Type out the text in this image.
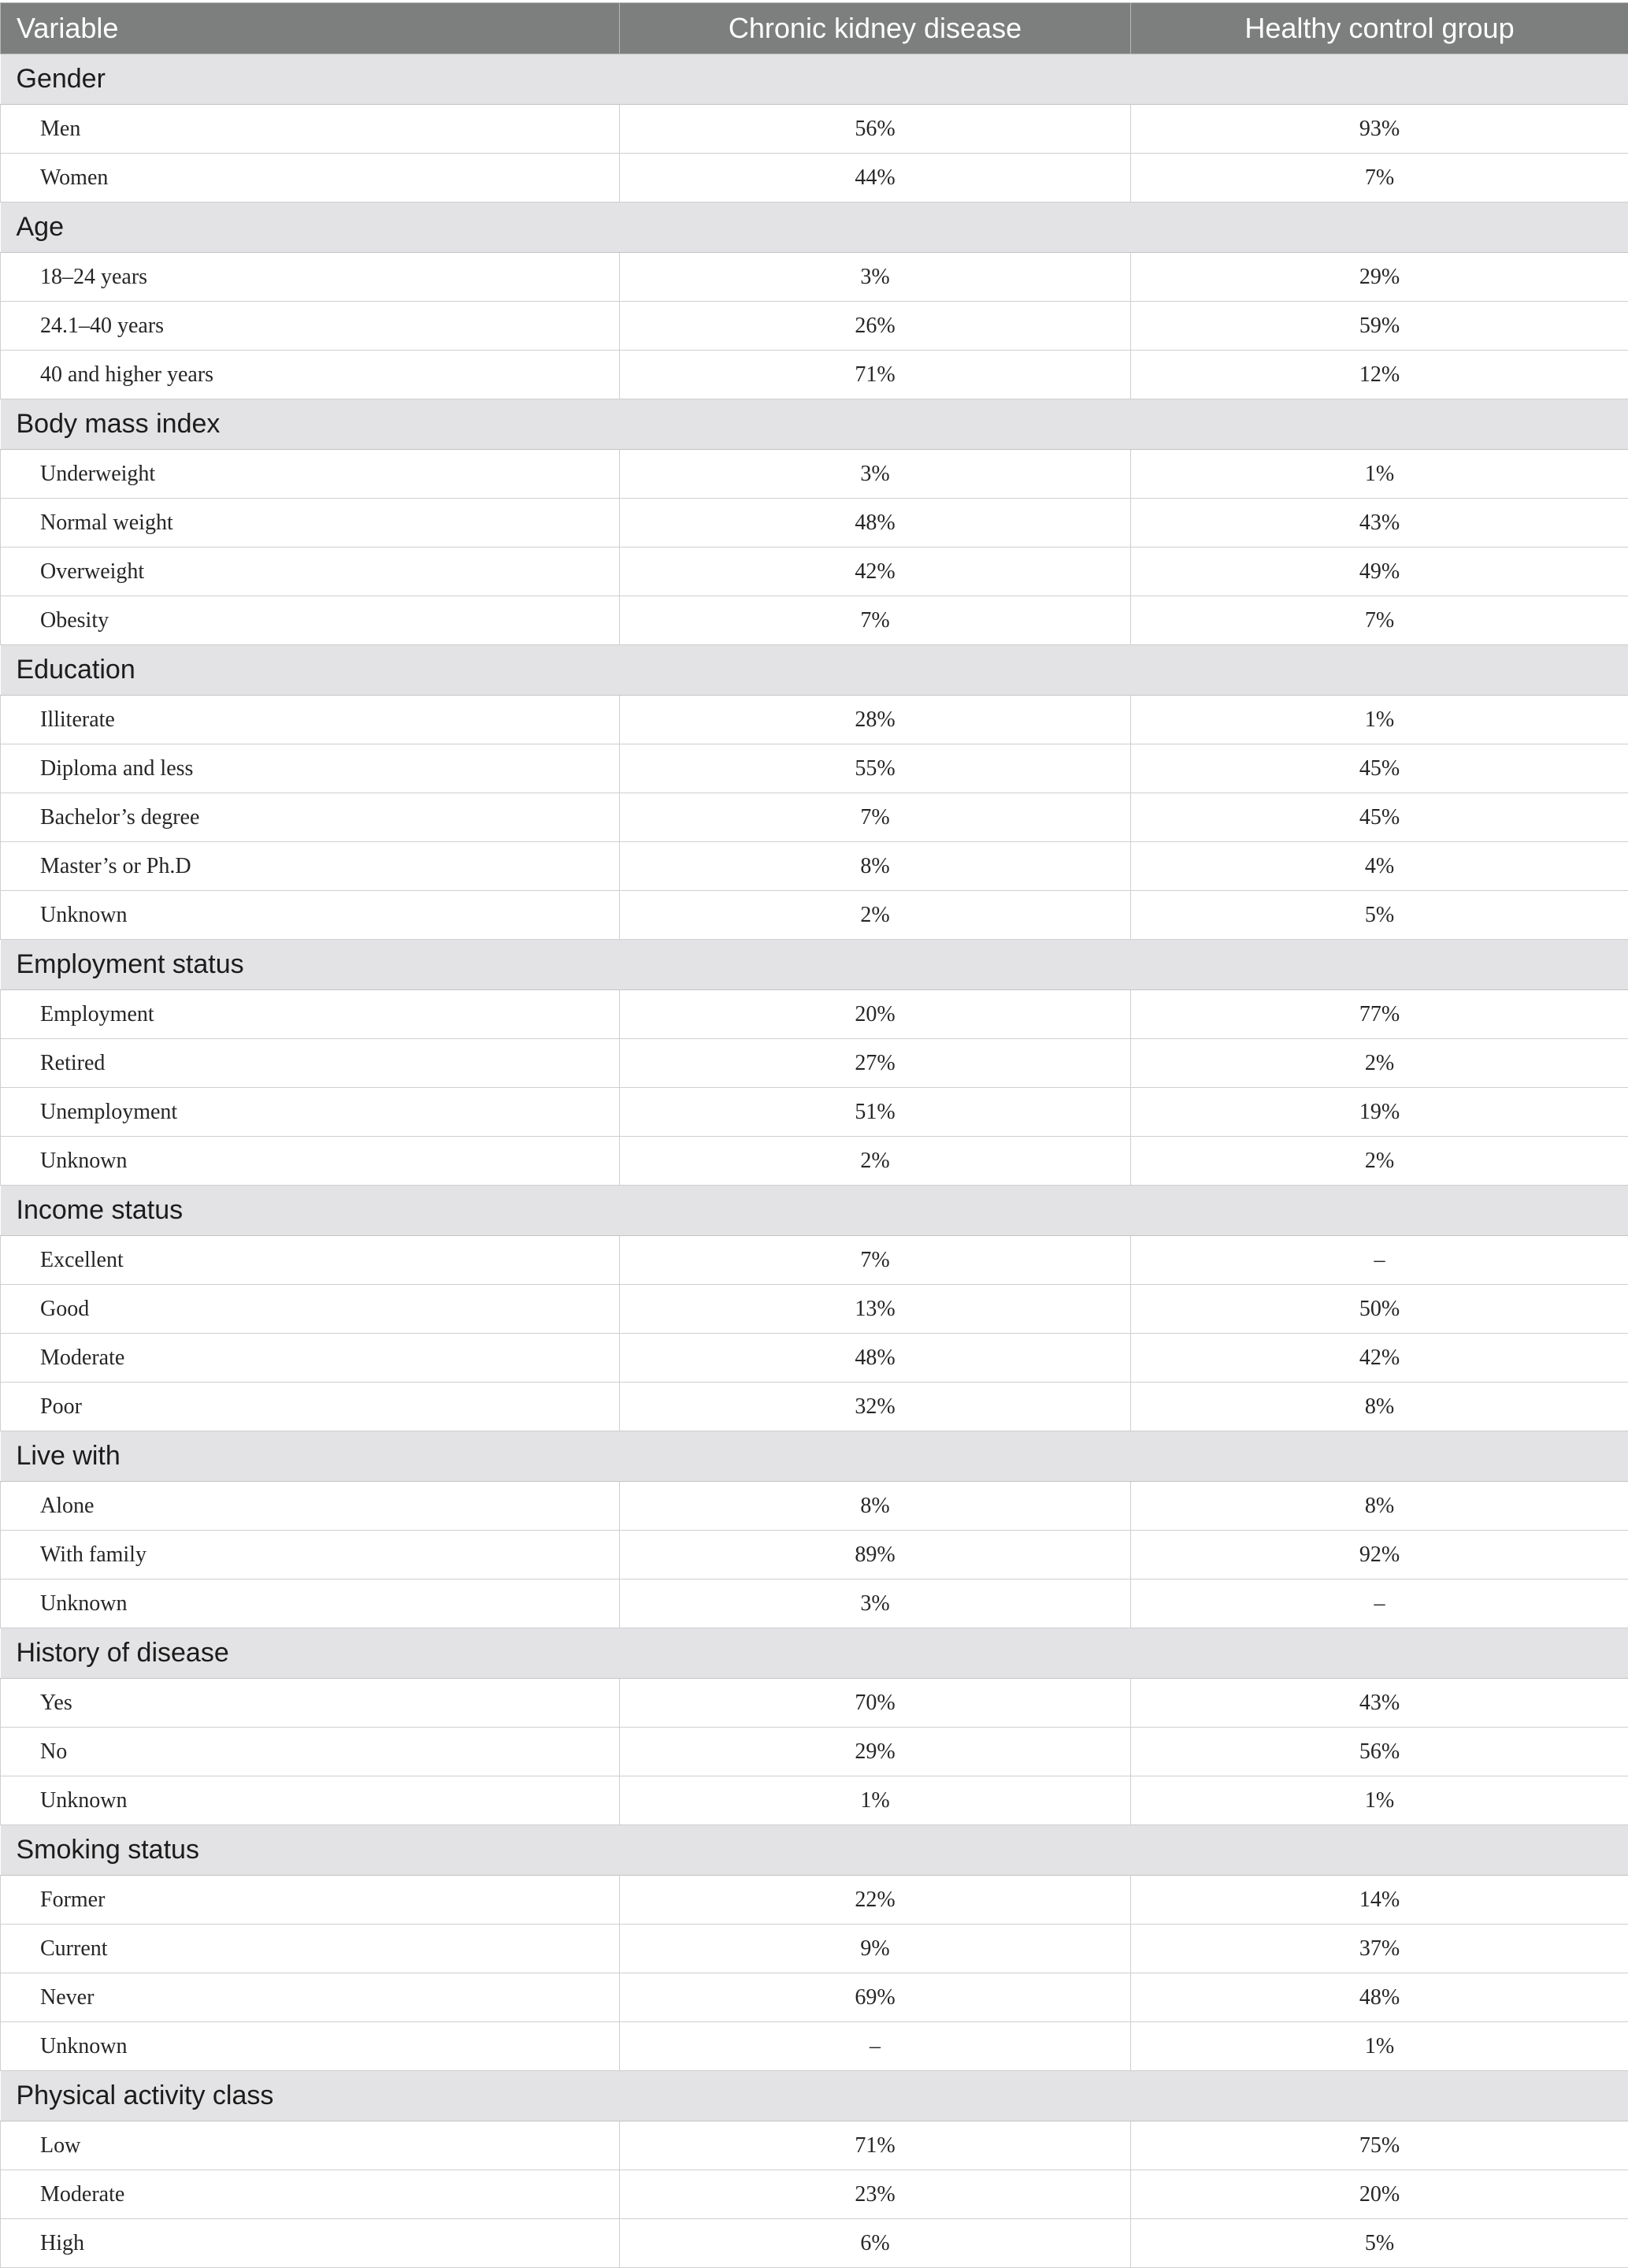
Variable	Chronic kidney disease	Healthy control group
Gender		
Men	56%	93%
Women	44%	7%
Age		
18–24 years	3%	29%
24.1–40 years	26%	59%
40 and higher years	71%	12%
Body mass index		
Underweight	3%	1%
Normal weight	48%	43%
Overweight	42%	49%
Obesity	7%	7%
Education		
Illiterate	28%	1%
Diploma and less	55%	45%
Bachelor’s degree	7%	45%
Master’s or Ph.D	8%	4%
Unknown	2%	5%
Employment status		
Employment	20%	77%
Retired	27%	2%
Unemployment	51%	19%
Unknown	2%	2%
Income status		
Excellent	7%	–
Good	13%	50%
Moderate	48%	42%
Poor	32%	8%
Live with		
Alone	8%	8%
With family	89%	92%
Unknown	3%	–
History of disease		
Yes	70%	43%
No	29%	56%
Unknown	1%	1%
Smoking status		
Former	22%	14%
Current	9%	37%
Never	69%	48%
Unknown	–	1%
Physical activity class		
Low	71%	75%
Moderate	23%	20%
High	6%	5%
